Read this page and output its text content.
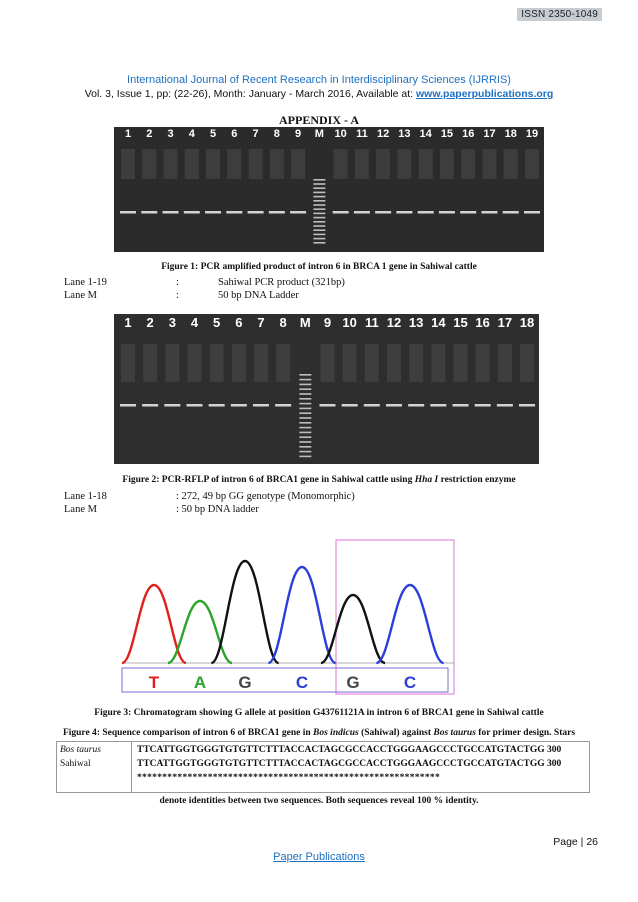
ISSN 2350-1049
International Journal of Recent Research in Interdisciplinary Sciences (IJRRIS)
Vol. 3, Issue 1, pp: (22-26), Month: January - March 2016, Available at: www.paperpublications.org
APPENDIX - A
1 2 3 4 5 6 7 8 9 M 10 11 12 13 14 15 16 17 18 19
Figure 1: PCR amplified product of intron 6 in BRCA 1 gene in Sahiwal cattle
Lane 1-19	:	Sahiwal PCR product (321bp)
Lane M	:	50 bp DNA Ladder
1 2 3 4 5 6 7 8 M 9 10 11 12 13 14 15 16 17 18
Figure 2: PCR-RFLP of intron 6 of BRCA1 gene in Sahiwal cattle using Hha I restriction enzyme
Lane 1-18	: 272, 49 bp GG genotype (Monomorphic)
Lane M	: 50 bp DNA ladder
T A G	C G	C
Figure 3: Chromatogram showing G allele at position G43761121A in intron 6 of BRCA1 gene in Sahiwal cattle
Figure 4: Sequence comparison of intron 6 of BRCA1 gene in Bos indicus (Sahiwal) against Bos taurus for primer design. Stars
Bos taurus	TTCATTGGTGGGTGTGTTCTTTACCACTAGCGCCACCTGGGAAGCCCTGCCATGTACTGG 300
Sahiwal	TTCATTGGTGGGTGTGTTCTTTACCACTAGCGCCACCTGGGAAGCCCTGCCATGTACTGG 300
************************************************************
denote identities between two sequences. Both sequences reveal 100 % identity.
Page | 26
Paper Publications
